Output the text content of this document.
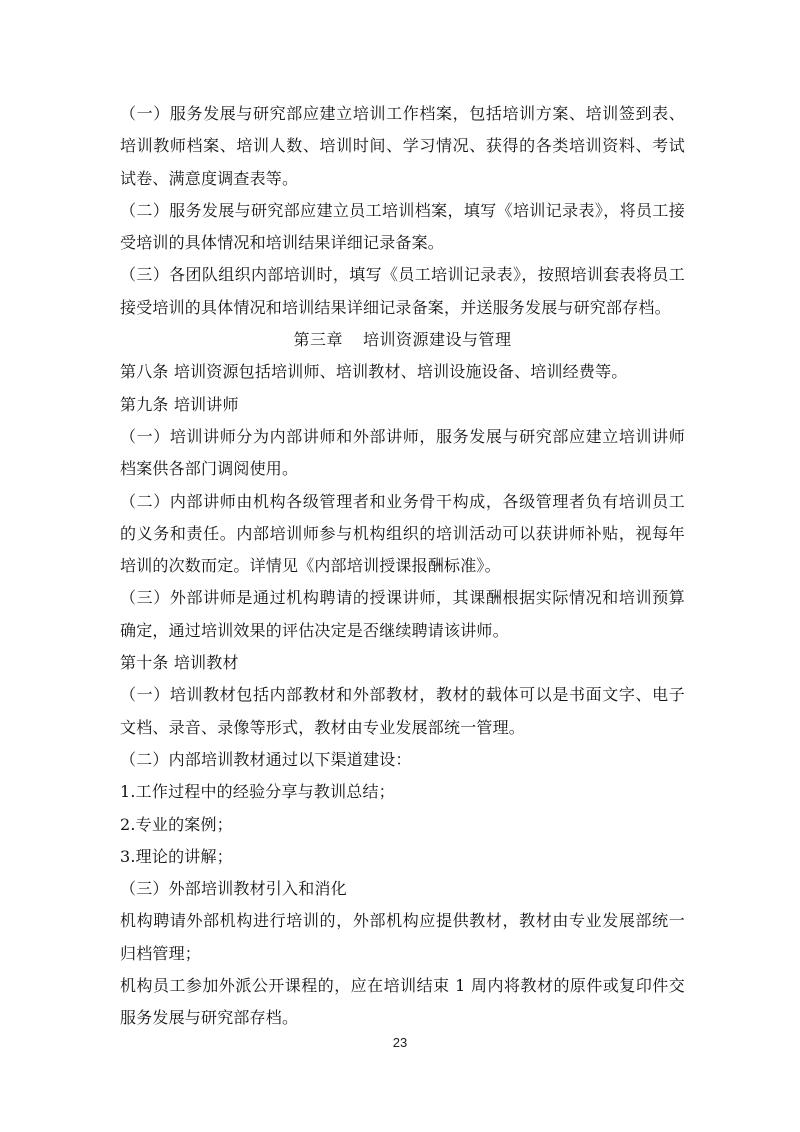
（一）服务发展与研究部应建立培训工作档案，包括培训方案、培训签到表、培训教师档案、培训人数、培训时间、学习情况、获得的各类培训资料、考试试卷、满意度调查表等。

（二）服务发展与研究部应建立员工培训档案，填写《培训记录表》，将员工接受培训的具体情况和培训结果详细记录备案。

（三）各团队组织内部培训时，填写《员工培训记录表》，按照培训套表将员工接受培训的具体情况和培训结果详细记录备案，并送服务发展与研究部存档。

第三章 培训资源建设与管理

第八条 培训资源包括培训师、培训教材、培训设施设备、培训经费等。

第九条 培训讲师

（一）培训讲师分为内部讲师和外部讲师，服务发展与研究部应建立培训讲师档案供各部门调阅使用。

（二）内部讲师由机构各级管理者和业务骨干构成，各级管理者负有培训员工的义务和责任。内部培训师参与机构组织的培训活动可以获讲师补贴，视每年培训的次数而定。详情见《内部培训授课报酬标准》。

（三）外部讲师是通过机构聘请的授课讲师，其课酬根据实际情况和培训预算确定，通过培训效果的评估决定是否继续聘请该讲师。

第十条 培训教材

（一）培训教材包括内部教材和外部教材，教材的载体可以是书面文字、电子文档、录音、录像等形式，教材由专业发展部统一管理。

（二）内部培训教材通过以下渠道建设：

1.工作过程中的经验分享与教训总结；

2.专业的案例；

3.理论的讲解；

（三）外部培训教材引入和消化

机构聘请外部机构进行培训的，外部机构应提供教材，教材由专业发展部统一归档管理；

机构员工参加外派公开课程的，应在培训结束 1 周内将教材的原件或复印件交服务发展与研究部存档。

23
